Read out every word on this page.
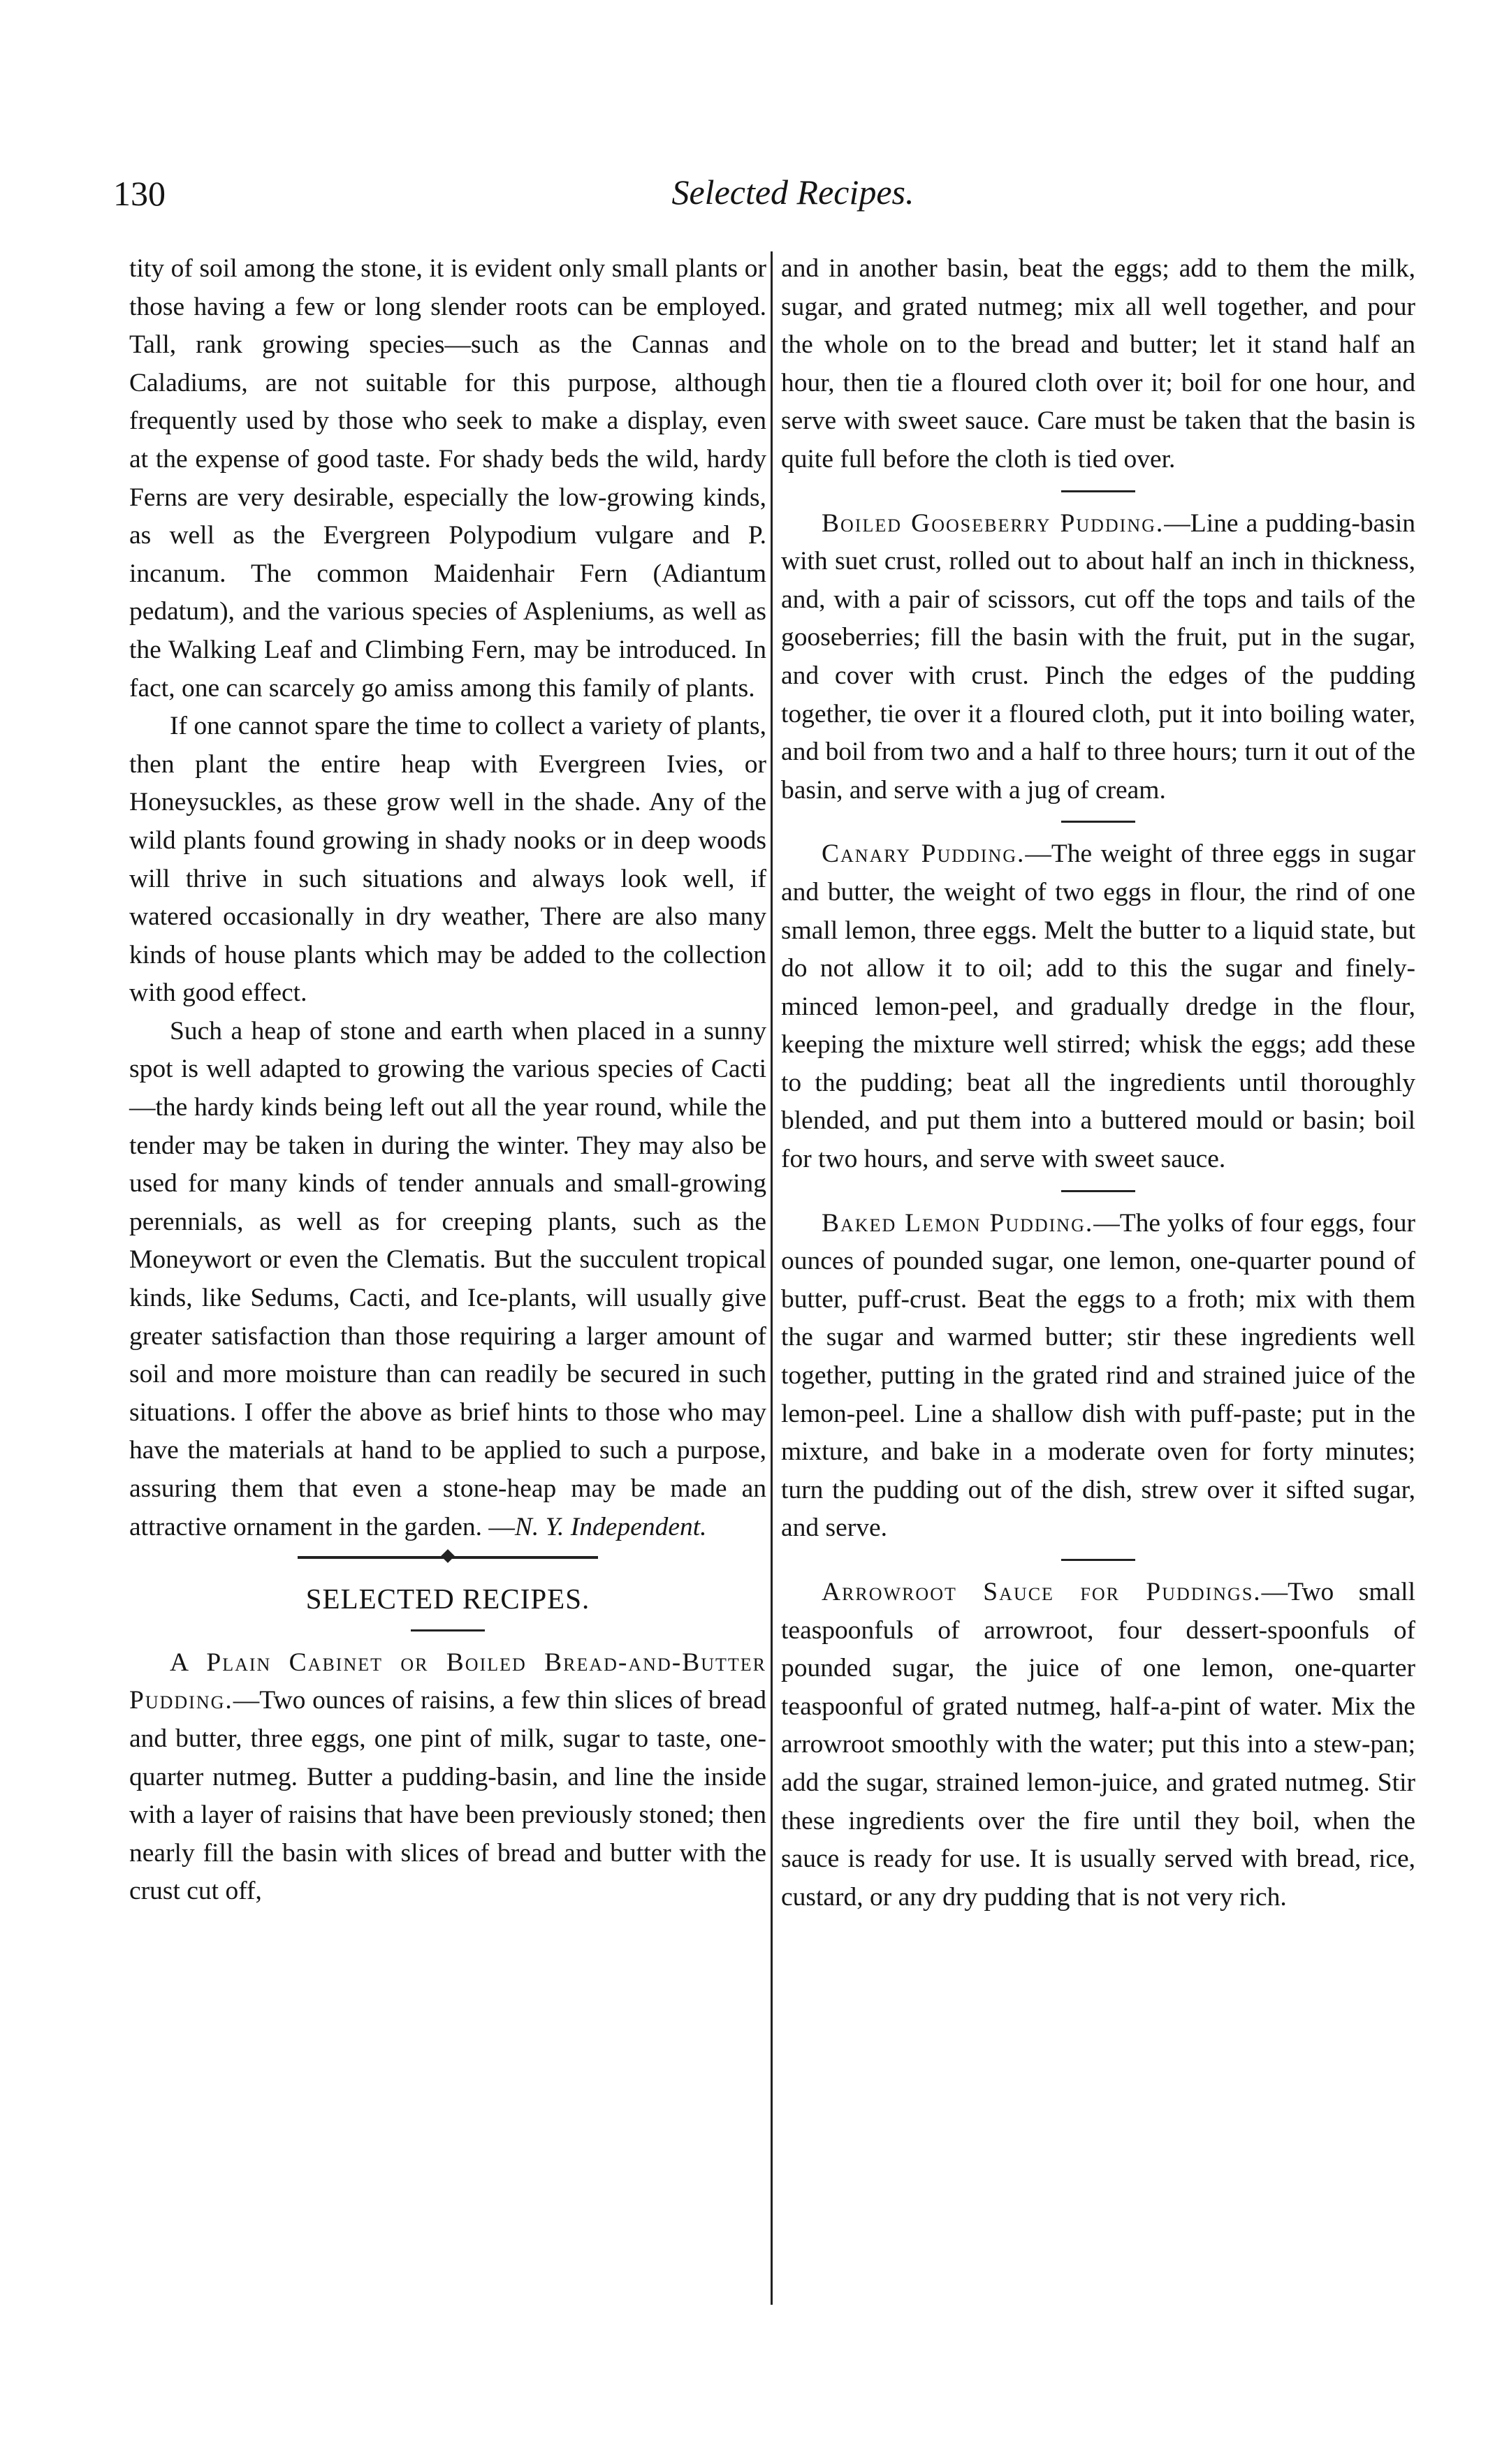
130	Selected Recipes.

tity of soil among the stone, it is evident only small plants or those having a few or long slender roots can be employed. Tall, rank growing species—such as the Cannas and Caladiums, are not suitable for this purpose, although frequently used by those who seek to make a display, even at the expense of good taste. For shady beds the wild, hardy Ferns are very desirable, especially the low-growing kinds, as well as the Evergreen Polypodium vulgare and P. incanum. The common Maidenhair Fern (Adiantum pedatum), and the various species of Aspleniums, as well as the Walking Leaf and Climbing Fern, may be introduced. In fact, one can scarcely go amiss among this family of plants.

If one cannot spare the time to collect a variety of plants, then plant the entire heap with Evergreen Ivies, or Honeysuckles, as these grow well in the shade. Any of the wild plants found growing in shady nooks or in deep woods will thrive in such situations and always look well, if watered occasionally in dry weather, There are also many kinds of house plants which may be added to the collection with good effect.

Such a heap of stone and earth when placed in a sunny spot is well adapted to growing the various species of Cacti—the hardy kinds being left out all the year round, while the tender may be taken in during the winter. They may also be used for many kinds of tender annuals and small-growing perennials, as well as for creeping plants, such as the Moneywort or even the Clematis. But the succulent tropical kinds, like Sedums, Cacti, and Ice-plants, will usually give greater satisfaction than those requiring a larger amount of soil and more moisture than can readily be secured in such situations. I offer the above as brief hints to those who may have the materials at hand to be applied to such a purpose, assuring them that even a stone-heap may be made an attractive ornament in the garden. —N. Y. Independent.

SELECTED RECIPES.

A Plain Cabinet or Boiled Bread-and-Butter Pudding.—Two ounces of raisins, a few thin slices of bread and butter, three eggs, one pint of milk, sugar to taste, one-quarter nutmeg. Butter a pudding-basin, and line the inside with a layer of raisins that have been previously stoned; then nearly fill the basin with slices of bread and butter with the crust cut off,

and in another basin, beat the eggs; add to them the milk, sugar, and grated nutmeg; mix all well together, and pour the whole on to the bread and butter; let it stand half an hour, then tie a floured cloth over it; boil for one hour, and serve with sweet sauce. Care must be taken that the basin is quite full before the cloth is tied over.

Boiled Gooseberry Pudding.—Line a pudding-basin with suet crust, rolled out to about half an inch in thickness, and, with a pair of scissors, cut off the tops and tails of the gooseberries; fill the basin with the fruit, put in the sugar, and cover with crust. Pinch the edges of the pudding together, tie over it a floured cloth, put it into boiling water, and boil from two and a half to three hours; turn it out of the basin, and serve with a jug of cream.

Canary Pudding.—The weight of three eggs in sugar and butter, the weight of two eggs in flour, the rind of one small lemon, three eggs. Melt the butter to a liquid state, but do not allow it to oil; add to this the sugar and finely-minced lemon-peel, and gradually dredge in the flour, keeping the mixture well stirred; whisk the eggs; add these to the pudding; beat all the ingredients until thoroughly blended, and put them into a buttered mould or basin; boil for two hours, and serve with sweet sauce.

Baked Lemon Pudding.—The yolks of four eggs, four ounces of pounded sugar, one lemon, one-quarter pound of butter, puff-crust. Beat the eggs to a froth; mix with them the sugar and warmed butter; stir these ingredients well together, putting in the grated rind and strained juice of the lemon-peel. Line a shallow dish with puff-paste; put in the mixture, and bake in a moderate oven for forty minutes; turn the pudding out of the dish, strew over it sifted sugar, and serve.

Arrowroot Sauce for Puddings.—Two small teaspoonfuls of arrowroot, four dessert-spoonfuls of pounded sugar, the juice of one lemon, one-quarter teaspoonful of grated nutmeg, half-a-pint of water. Mix the arrowroot smoothly with the water; put this into a stew-pan; add the sugar, strained lemon-juice, and grated nutmeg. Stir these ingredients over the fire until they boil, when the sauce is ready for use. It is usually served with bread, rice, custard, or any dry pudding that is not very rich.
